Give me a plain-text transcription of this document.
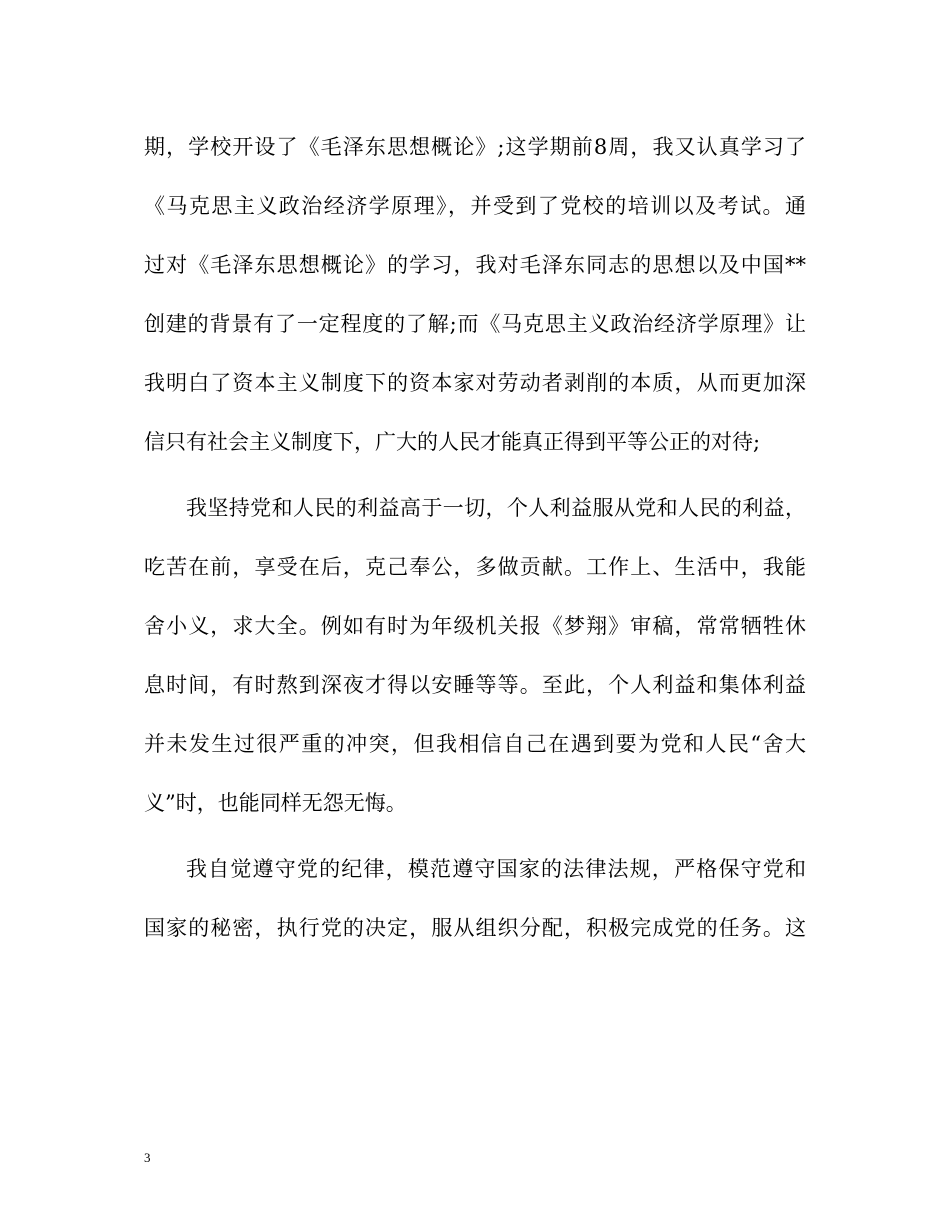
期，学校开设了《毛泽东思想概论》;这学期前8周，我又认真学习了
《马克思主义政治经济学原理》，并受到了党校的培训以及考试。通
过对《毛泽东思想概论》的学习，我对毛泽东同志的思想以及中国**
创建的背景有了一定程度的了解;而《马克思主义政治经济学原理》让
我明白了资本主义制度下的资本家对劳动者剥削的本质，从而更加深
信只有社会主义制度下，广大的人民才能真正得到平等公正的对待;
我坚持党和人民的利益高于一切，个人利益服从党和人民的利益，
吃苦在前，享受在后，克己奉公，多做贡献。工作上、生活中，我能
舍小义，求大全。例如有时为年级机关报《梦翔》审稿，常常牺牲休
息时间，有时熬到深夜才得以安睡等等。至此，个人利益和集体利益
并未发生过很严重的冲突，但我相信自己在遇到要为党和人民“舍大
义”时，也能同样无怨无悔。
我自觉遵守党的纪律，模范遵守国家的法律法规，严格保守党和
国家的秘密，执行党的决定，服从组织分配，积极完成党的任务。这
3
